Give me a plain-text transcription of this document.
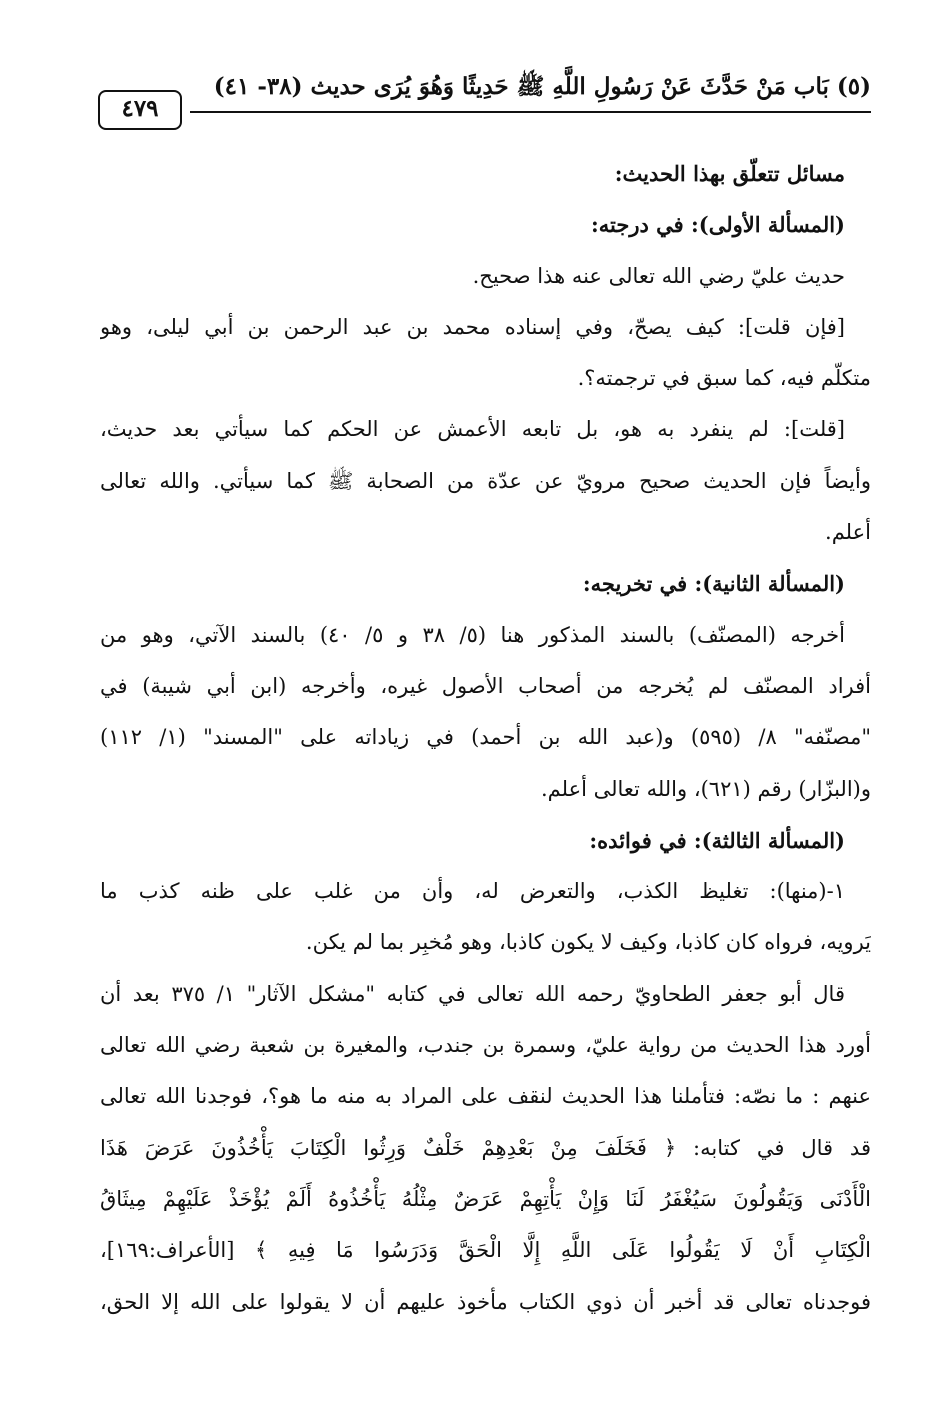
(٥) بَاب مَنْ حَدَّثَ عَنْ رَسُولِ اللَّهِ ﷺ حَدِيثًا وَهُوَ يُرَى حديث (٣٨- ٤١)
٤٧٩
مسائل تتعلّق بهذا الحديث:
(المسألة الأولى): في درجته:
حديث عليّ رضي الله تعالى عنه هذا صحيح.
[فإن قلت]: كيف يصحّ، وفي إسناده محمد بن عبد الرحمن بن أبي ليلى، وهو
متكلّم فيه، كما سبق في ترجمته؟.
[قلت]: لم ينفرد به هو، بل تابعه الأعمش عن الحكم كما سيأتي بعد حديث،
وأيضاً فإن الحديث صحيح مرويّ عن عدّة من الصحابة ﷺ كما سيأتي. والله تعالى
أعلم.
(المسألة الثانية): في تخريجه:
أخرجه (المصنّف) بالسند المذكور هنا (٥/ ٣٨ و ٥/ ٤٠) بالسند الآتي، وهو من
أفراد المصنّف لم يُخرجه من أصحاب الأصول غيره، وأخرجه (ابن أبي شيبة) في
"مصنّفه" ٨/ (٥٩٥) و(عبد الله بن أحمد) في زياداته على "المسند" (١/ ١١٢)
و(البزّار) رقم (٦٢١)، والله تعالى أعلم.
(المسألة الثالثة): في فوائده:
١-(منها): تغليظ الكذب، والتعرض له، وأن من غلب على ظنه كذب ما
يَرويه، فرواه كان كاذبا، وكيف لا يكون كاذبا، وهو مُخبِر بما لم يكن.
قال أبو جعفر الطحاويّ رحمه الله تعالى في كتابه "مشكل الآثار" ١/ ٣٧٥ بعد أن
أورد هذا الحديث من رواية عليّ، وسمرة بن جندب، والمغيرة بن شعبة رضي الله تعالى
عنهم : ما نصّه: فتأملنا هذا الحديث لنقف على المراد به منه ما هو؟، فوجدنا الله تعالى
قد قال في كتابه: ﴿ فَخَلَفَ مِنْ بَعْدِهِمْ خَلْفٌ وَرِثُوا الْكِتَابَ يَأْخُذُونَ عَرَضَ هَذَا
الْأَدْنَى وَيَقُولُونَ سَيُغْفَرُ لَنَا وَإِنْ يَأْتِهِمْ عَرَضٌ مِثْلُهُ يَأْخُذُوهُ أَلَمْ يُؤْخَذْ عَلَيْهِمْ مِيثَاقُ
الْكِتَابِ أَنْ لَا يَقُولُوا عَلَى اللَّهِ إِلَّا الْحَقَّ وَدَرَسُوا مَا فِيهِ ﴾ [الأعراف:١٦٩]،
فوجدناه تعالى قد أخبر أن ذوي الكتاب مأخوذ عليهم أن لا يقولوا على الله إلا الحق،
